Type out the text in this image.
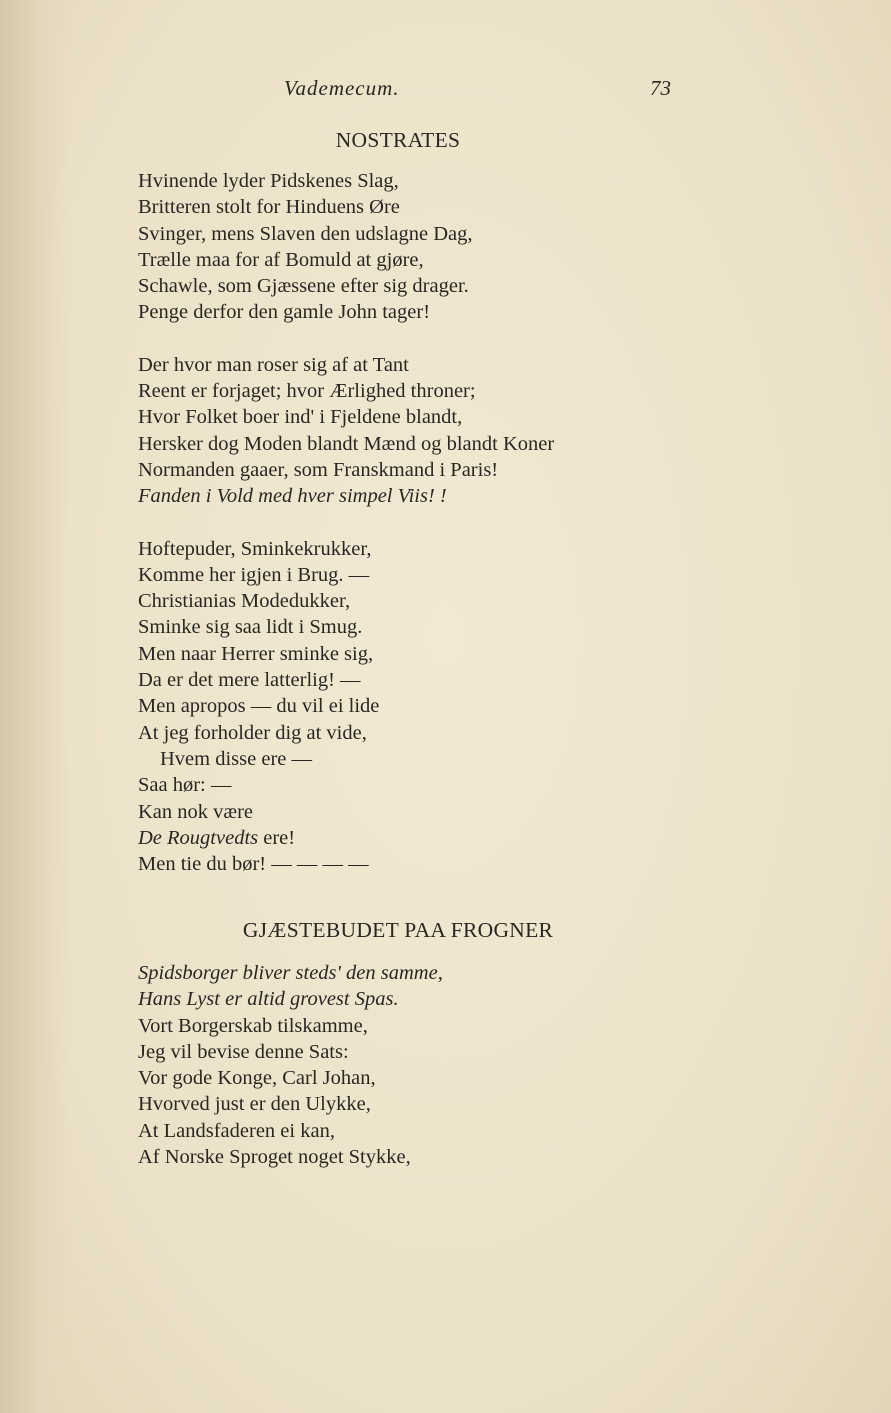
Vademecum.	73
NOSTRATES
Hvinende lyder Pidskenes Slag,
Britteren stolt for Hinduens Øre
Svinger, mens Slaven den udslagne Dag,
Trælle maa for af Bomuld at gjøre,
Schawle, som Gjæssene efter sig drager.
Penge derfor den gamle John tager!
Der hvor man roser sig af at Tant
Reent er forjaget; hvor Ærlighed throner;
Hvor Folket boer ind' i Fjeldene blandt,
Hersker dog Moden blandt Mænd og blandt Koner
Normanden gaaer, som Franskmand i Paris!
Fanden i Vold med hver simpel Viis! !
Hoftepuder, Sminkekrukker,
Komme her igjen i Brug. —
Christianias Modedukker,
Sminke sig saa lidt i Smug.
Men naar Herrer sminke sig,
Da er det mere latterlig! —
Men apropos — du vil ei lide
At jeg forholder dig at vide,
Hvem disse ere —
Saa hør: —
Kan nok være
De Rougtvedts ere!
Men tie du bør! — — — —
GJÆSTEBUDET PAA FROGNER
Spidsborger bliver steds' den samme,
Hans Lyst er altid grovest Spas.
Vort Borgerskab tilskamme,
Jeg vil bevise denne Sats:
Vor gode Konge, Carl Johan,
Hvorved just er den Ulykke,
At Landsfaderen ei kan,
Af Norske Sproget noget Stykke,
